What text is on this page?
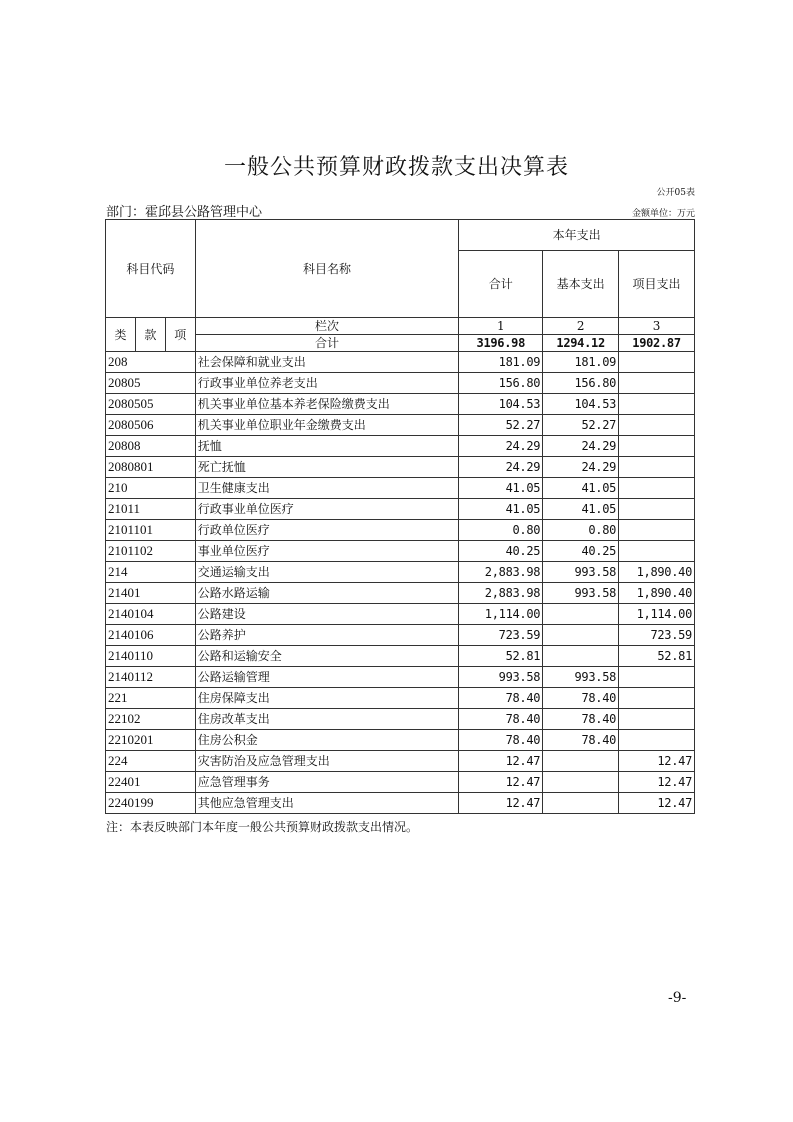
一般公共预算财政拨款支出决算表
公开05表
部门：霍邱县公路管理中心	金额单位：万元
科目代码			科目名称	本年支出		
				合计	基本支出	项目支出
类	款	项	栏次	1	2	3
			合计	3196.98	1294.12	1902.87
208			社会保障和就业支出	181.09	181.09	
20805			行政事业单位养老支出	156.80	156.80	
2080505			机关事业单位基本养老保险缴费支出	104.53	104.53	
2080506			机关事业单位职业年金缴费支出	52.27	52.27	
20808			抚恤	24.29	24.29	
2080801			死亡抚恤	24.29	24.29	
210			卫生健康支出	41.05	41.05	
21011			行政事业单位医疗	41.05	41.05	
2101101			行政单位医疗	0.80	0.80	
2101102			事业单位医疗	40.25	40.25	
214			交通运输支出	2,883.98	993.58	1,890.40
21401			公路水路运输	2,883.98	993.58	1,890.40
2140104			公路建设	1,114.00		1,114.00
2140106			公路养护	723.59		723.59
2140110			公路和运输安全	52.81		52.81
2140112			公路运输管理	993.58	993.58	
221			住房保障支出	78.40	78.40	
22102			住房改革支出	78.40	78.40	
2210201			住房公积金	78.40	78.40	
224			灾害防治及应急管理支出	12.47		12.47
22401			应急管理事务	12.47		12.47
2240199			其他应急管理支出	12.47		12.47
注：本表反映部门本年度一般公共预算财政拨款支出情况。
-9-
